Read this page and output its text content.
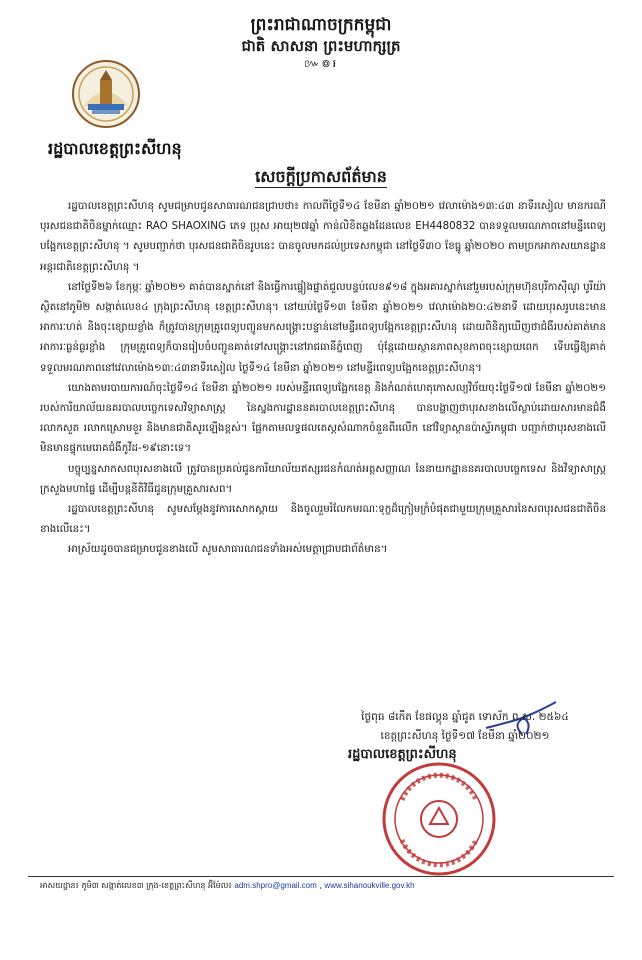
ព្រះរាជាណាចក្រកម្ពុជា
ជាតិ សាសនា ព្រះមហាក្សត្រ
៚៙៛
រដ្ឋបាលខេត្តព្រះសីហនុ
សេចក្តីប្រកាសព័ត៌មាន

រដ្ឋបាលខេត្តព្រះសីហនុ សូមជម្រាបជូនសាធារណជនជ្រាបថា៖ កាលពីថ្ងៃទី១៤ ខែមីនា ឆ្នាំ២០២១ វេលាម៉ោង១៣:៤៣ នាទីរសៀល មានករណីបុរសជនជាតិចិនម្នាក់ឈ្មោះ RAO SHAOXING ភេទ ប្រុស អាយុ២៧ឆ្នាំ កាន់លិខិតឆ្លងដែនលេខ EH4480832 បានទទួលមរណភាពនៅមន្ទីរពេទ្យបង្អែកខេត្តព្រះសីហនុ ។ សូមបញ្ជាក់ថា បុរសជនជាតិចិនរូបនេះ បានចូលមកដល់ប្រទេសកម្ពុជា នៅថ្ងៃទី៣០ ខែធ្នូ ឆ្នាំ២០២០ តាមច្រកអាកាសយានដ្ឋានអន្តរជាតិខេត្តព្រះសីហនុ ។

នៅថ្ងៃទី២៦ ខែកុម្ភៈ ឆ្នាំ២០២១ គាត់បានស្នាក់នៅ និងធ្វើការផ្ទៀងផ្ទាត់ជួលបន្ទប់លេខ៩១៨ ក្នុងអគារស្នាក់នៅរួមរបស់ក្រុមហ៊ុនបុរីកាស៊ីណូ បូរីយ៉ា ស្ថិតនៅភូមិ២ សង្កាត់លេខ៤ ក្រុងព្រះសីហនុ ខេត្តព្រះសីហនុ។ នៅយប់ថ្ងៃទី១៣ ខែមីនា ឆ្នាំ២០២១ វេលាម៉ោង២០:៤២នាទី ដោយបុរសរូបនេះមានអាការៈហត់ និងចុះខ្សោយខ្លាំង ក៏ត្រូវបានក្រុមគ្រូពេទ្យបញ្ជូនមកសង្គ្រោះបន្ទាន់នៅមន្ទីរពេទ្យបង្អែកខេត្តព្រះសីហនុ ដោយពិនិត្យឃើញថាជំងឺរបស់គាត់មានអាការៈធ្ងន់ធ្ងរខ្លាំង ក្រុមគ្រូពេទ្យក៏បានរៀបចំបញ្ជូនគាត់ទៅសង្គ្រោះនៅរាជធានីភ្នំពេញ ប៉ុន្តែដោយស្ថានភាពសុខភាពចុះខ្សោយពេក ទើបធ្វើឱ្យគាត់ទទួលមរណភាពនៅវេលាម៉ោង១៣:៤៣នាទីរសៀល ថ្ងៃទី១៤ ខែមីនា ឆ្នាំ២០២១ នៅមន្ទីរពេទ្យបង្អែកខេត្តព្រះសីហនុ។

យោងតាមរបាយការណ៍ចុះថ្ងៃទី១៤ ខែមីនា ឆ្នាំ២០២១ របស់មន្ទីរពេទ្យបង្អែកខេត្ត និងកំណត់ហេតុកោសល្យវិច័យចុះថ្ងៃទី១៧ ខែមីនា ឆ្នាំ២០២១ របស់ការិយាល័យនគរបាលបច្ចេកទេសវិទ្យាសាស្ត្រ នៃស្នងការដ្ឋាននគរបាលខេត្តព្រះសីហនុ បានបង្ហាញថាបុរសខាងលើស្លាប់ដោយសារមានជំងឺរលាកសួត រលាកស្រោមខួរ និងមានជាតិសូរឡើងខ្ពស់។ ផ្អែកតាមលទ្ធផលតេស្តសំណាកចំនួនពីរលើក នៅវិទ្យាស្ថានប៉ាស្ទ័រកម្ពុជា បញ្ជាក់ថាបុរសខាងលើមិនមានផ្ទុកមេរោគជំងឺកូវីដ-១៩នោះទេ។

បច្ចុប្បន្នសាកសពបុរសខាងលើ ត្រូវបានប្រគល់ជូនការិយាល័យឥស្សរជនកំណត់អត្តសញ្ញាណ នៃនាយកដ្ឋាននគរបាលបច្ចេកទេស និងវិទ្យាសាស្ត្រ ក្រសួងមហាផ្ទៃ ដើម្បីបន្តនីតិវិធីជូនក្រុមគ្រួសារសព។

រដ្ឋបាលខេត្តព្រះសីហនុ សូមសម្តែងនូវការសោកស្តាយ និងចូលរួមរំលែកមរណៈទុក្ខដ៏ក្រៀមក្រំបំផុតជាមួយក្រុមគ្រួសារនៃសពបុរសជនជាតិចិនខាងលើនេះ។

អាស្រ័យដូចបានជម្រាបជូនខាងលើ សូមសាធារណជនទាំងអស់មេត្តាជ្រាបជាព័ត៌មាន។

ថ្ងៃពុធ ៨កើត ខែផល្គុន ឆ្នាំជូត ទោស័ក ព.ស. ២៥៦៤
ខេត្តព្រះសីហនុ ថ្ងៃទី១៧ ខែមីនា ឆ្នាំ២០២១
រដ្ឋបាលខេត្តព្រះសីហនុ
អាសយដ្ឋាន៖ ភូមិ៣ សង្កាត់លេខ៣ ក្រុង-ខេត្តព្រះសីហនុ អ៊ីម៉ែល៖ adm.shpro@gmail.com , www.sihanoukville.gov.kh
